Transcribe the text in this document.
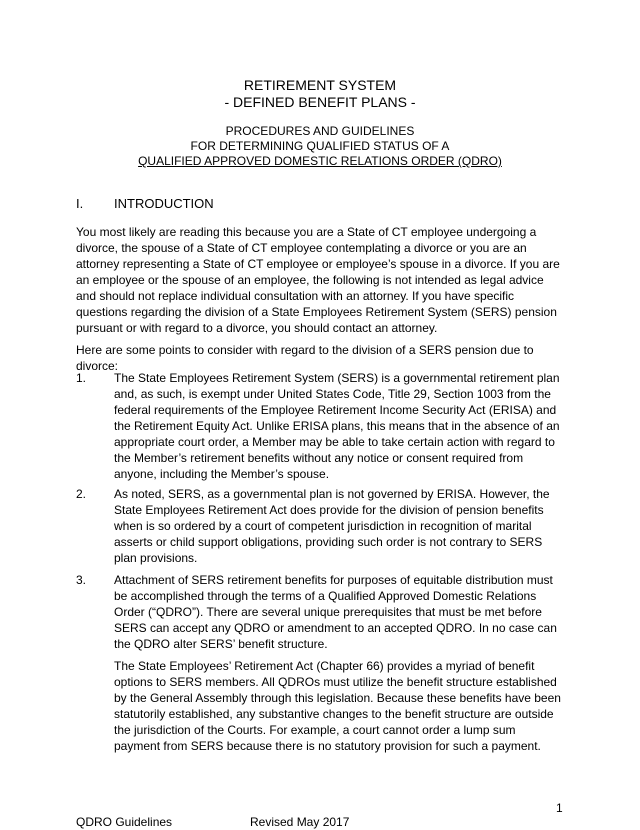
RETIREMENT SYSTEM
- DEFINED BENEFIT PLANS -
PROCEDURES AND GUIDELINES
FOR DETERMINING QUALIFIED STATUS OF A
QUALIFIED APPROVED DOMESTIC RELATIONS ORDER (QDRO)
I. INTRODUCTION

You most likely are reading this because you are a State of CT employee undergoing a divorce, the spouse of a State of CT employee contemplating a divorce or you are an attorney representing a State of CT employee or employee’s spouse in a divorce. If you are an employee or the spouse of an employee, the following is not intended as legal advice and should not replace individual consultation with an attorney. If you have specific questions regarding the division of a State Employees Retirement System (SERS) pension pursuant or with regard to a divorce, you should contact an attorney.

Here are some points to consider with regard to the division of a SERS pension due to divorce:

1. The State Employees Retirement System (SERS) is a governmental retirement plan and, as such, is exempt under United States Code, Title 29, Section 1003 from the federal requirements of the Employee Retirement Income Security Act (ERISA) and the Retirement Equity Act. Unlike ERISA plans, this means that in the absence of an appropriate court order, a Member may be able to take certain action with regard to the Member’s retirement benefits without any notice or consent required from anyone, including the Member’s spouse.

2. As noted, SERS, as a governmental plan is not governed by ERISA. However, the State Employees Retirement Act does provide for the division of pension benefits when is so ordered by a court of competent jurisdiction in recognition of marital asserts or child support obligations, providing such order is not contrary to SERS plan provisions.

3. Attachment of SERS retirement benefits for purposes of equitable distribution must be accomplished through the terms of a Qualified Approved Domestic Relations Order (“QDRO”). There are several unique prerequisites that must be met before SERS can accept any QDRO or amendment to an accepted QDRO. In no case can the QDRO alter SERS’ benefit structure.

The State Employees’ Retirement Act (Chapter 66) provides a myriad of benefit options to SERS members. All QDROs must utilize the benefit structure established by the General Assembly through this legislation. Because these benefits have been statutorily established, any substantive changes to the benefit structure are outside the jurisdiction of the Courts. For example, a court cannot order a lump sum payment from SERS because there is no statutory provision for such a payment.

1
QDRO Guidelines	Revised May 2017
